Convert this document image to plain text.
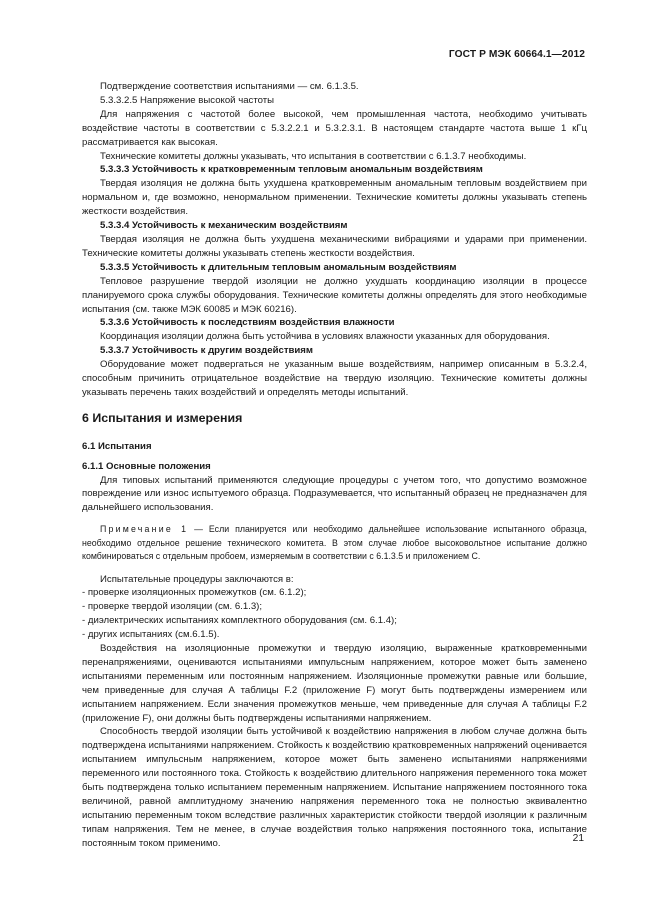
ГОСТ Р МЭК 60664.1—2012

Подтверждение соответствия испытаниями — см. 6.1.3.5.

5.3.3.2.5 Напряжение высокой частоты

Для напряжения с частотой более высокой, чем промышленная частота, необходимо учитывать воздействие частоты в соответствии с 5.3.2.2.1 и 5.3.2.3.1. В настоящем стандарте частота выше 1 кГц рассматривается как высокая.

Технические комитеты должны указывать, что испытания в соответствии с 6.1.3.7 необходимы.

5.3.3.3 Устойчивость к кратковременным тепловым аномальным воздействиям

Твердая изоляция не должна быть ухудшена кратковременным аномальным тепловым воздействием при нормальном и, где возможно, ненормальном применении. Технические комитеты должны указывать степень жесткости воздействия.

5.3.3.4 Устойчивость к механическим воздействиям

Твердая изоляция не должна быть ухудшена механическими вибрациями и ударами при применении. Технические комитеты должны указывать степень жесткости воздействия.

5.3.3.5 Устойчивость к длительным тепловым аномальным воздействиям

Тепловое разрушение твердой изоляции не должно ухудшать координацию изоляции в процессе планируемого срока службы оборудования. Технические комитеты должны определять для этого необходимые испытания (см. также МЭК 60085 и МЭК 60216).

5.3.3.6 Устойчивость к последствиям воздействия влажности

Координация изоляции должна быть устойчива в условиях влажности указанных для оборудования.

5.3.3.7 Устойчивость к другим воздействиям

Оборудование может подвергаться не указанным выше воздействиям, например описанным в 5.3.2.4, способным причинить отрицательное воздействие на твердую изоляцию. Технические комитеты должны указывать перечень таких воздействий и определять методы испытаний.

6 Испытания и измерения

6.1 Испытания

6.1.1 Основные положения

Для типовых испытаний применяются следующие процедуры с учетом того, что допустимо возможное повреждение или износ испытуемого образца. Подразумевается, что испытанный образец не предназначен для дальнейшего использования.

Примечание 1 — Если планируется или необходимо дальнейшее использование испытанного образца, необходимо отдельное решение технического комитета. В этом случае любое высоковольтное испытание должно комбинироваться с отдельным пробоем, измеряемым в соответствии с 6.1.3.5 и приложением С.

Испытательные процедуры заключаются в:

- проверке изоляционных промежутков (см. 6.1.2);

- проверке твердой изоляции (см. 6.1.3);

- диэлектрических испытаниях комплектного оборудования (см. 6.1.4);

- других испытаниях (см.6.1.5).

Воздействия на изоляционные промежутки и твердую изоляцию, выраженные кратковременными перенапряжениями, оцениваются испытаниями импульсным напряжением, которое может быть заменено испытаниями переменным или постоянным напряжением. Изоляционные промежутки равные или большие, чем приведенные для случая А таблицы F.2 (приложение F) могут быть подтверждены измерением или испытанием напряжением. Если значения промежутков меньше, чем приведенные для случая А таблицы F.2 (приложение F), они должны быть подтверждены испытаниями напряжением.

Способность твердой изоляции быть устойчивой к воздействию напряжения в любом случае должна быть подтверждена испытаниями напряжением. Стойкость к воздействию кратковременных напряжений оценивается испытанием импульсным напряжением, которое может быть заменено испытаниями напряжениями переменного или постоянного тока. Стойкость к воздействию длительного напряжения переменного тока может быть подтверждена только испытанием переменным напряжением. Испытание напряжением постоянного тока величиной, равной амплитудному значению напряжения переменного тока не полностью эквивалентно испытанию переменным током вследствие различных характеристик стойкости твердой изоляции к различным типам напряжения. Тем не менее, в случае воздействия только напряжения постоянного тока, испытание постоянным током применимо.	21
